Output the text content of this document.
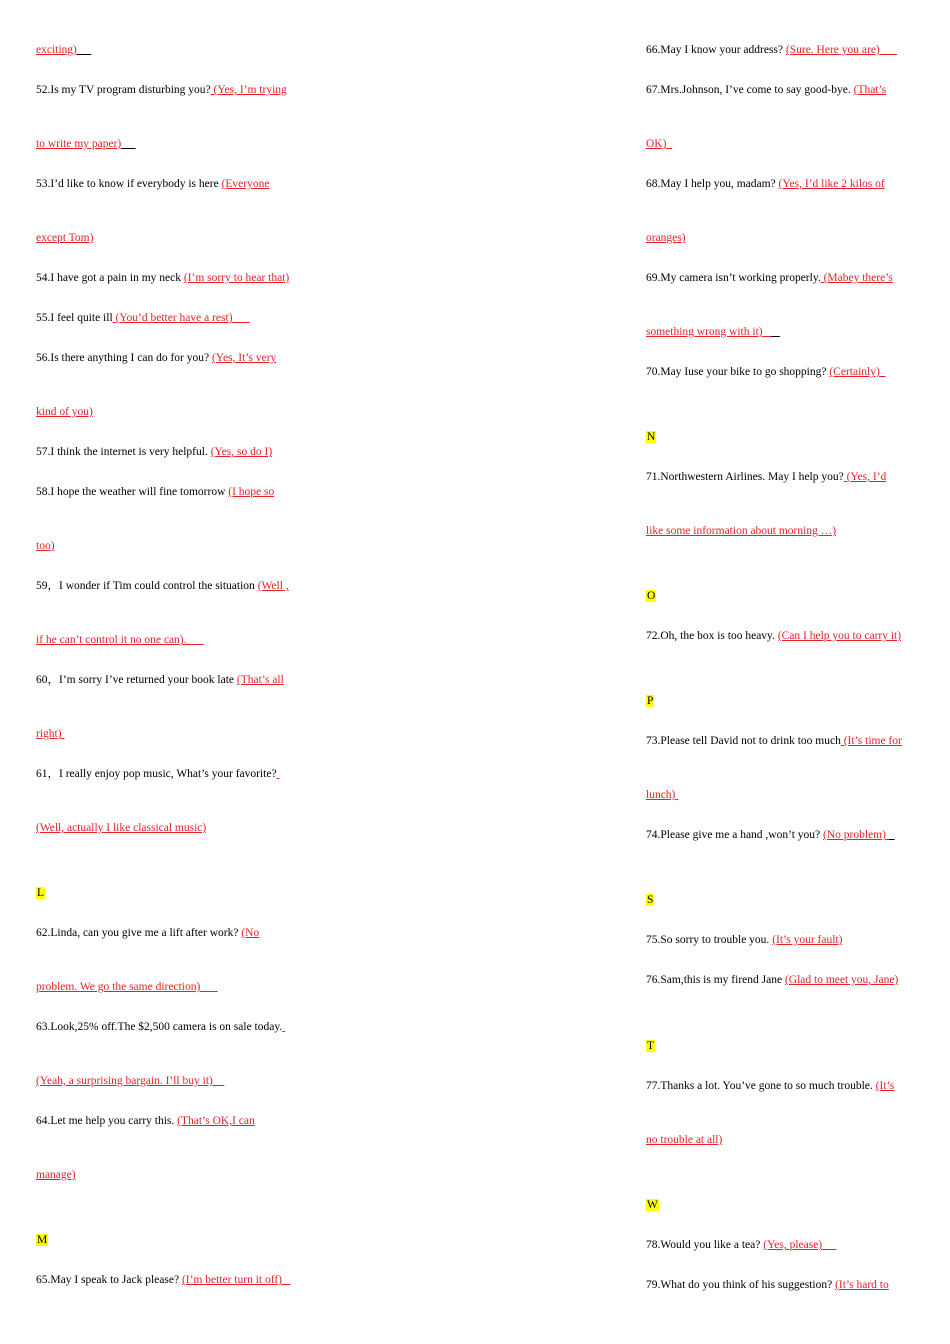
exciting)
52.Is my TV program disturbing you? (Yes, I’m trying
to write my paper)
53.I’d like to know if everybody is here (Everyone
except Tom)
54.I have got a pain in my neck (I’m sorry to hear that)
55.I feel quite ill (You’d better have a rest)
56.Is there anything I can do for you? (Yes, It’s very
kind of you)
57.I think the internet is very helpful. (Yes, so do I)
58.I hope the weather will fine tomorrow (I hope so
too)
59，I wonder if Tim could control the situation (Well ,
if he can’t control it no one can).
60，I’m sorry I’ve returned your book late (That’s all
right)
61，I really enjoy pop music, What’s your favorite?
(Well, actually I like classical music)
L
62.Linda, can you give me a lift after work? (No
problem. We go the same direction)
63.Look,25% off.The $2,500 camera is on sale today.
(Yeah, a surprising bargain. I’ll buy it)
64.Let me help you carry this. (That’s OK,I can
manage)
M
65.May I speak to Jack please? (I’m better turn it off)
66.May I know your address? (Sure. Here you are)
67.Mrs.Johnson, I’ve come to say good-bye. (That’s
OK)
68.May I help you, madam? (Yes, I’d like 2 kilos of
oranges)
69.My camera isn’t working properly. (Mabey there’s
something wrong with it)
70.May Iuse your bike to go shopping? (Certainly)
N
71.Northwestern Airlines. May I help you? (Yes, I’d
like some information about morning …)
O
72.Oh, the box is too heavy. (Can I help you to carry it)
P
73.Please tell David not to drink too much (It’s time for
lunch)
74.Please give me a hand ,won’t you? (No problem)
S
75.So sorry to trouble you. (It’s your fault)
76.Sam,this is my firend Jane (Glad to meet you, Jane)
T
77.Thanks a lot. You’ve gone to so much trouble. (It’s
no trouble at all)
W
78.Would you like a tea? (Yes, please)
79.What do you think of his suggestion? (It’s hard to
